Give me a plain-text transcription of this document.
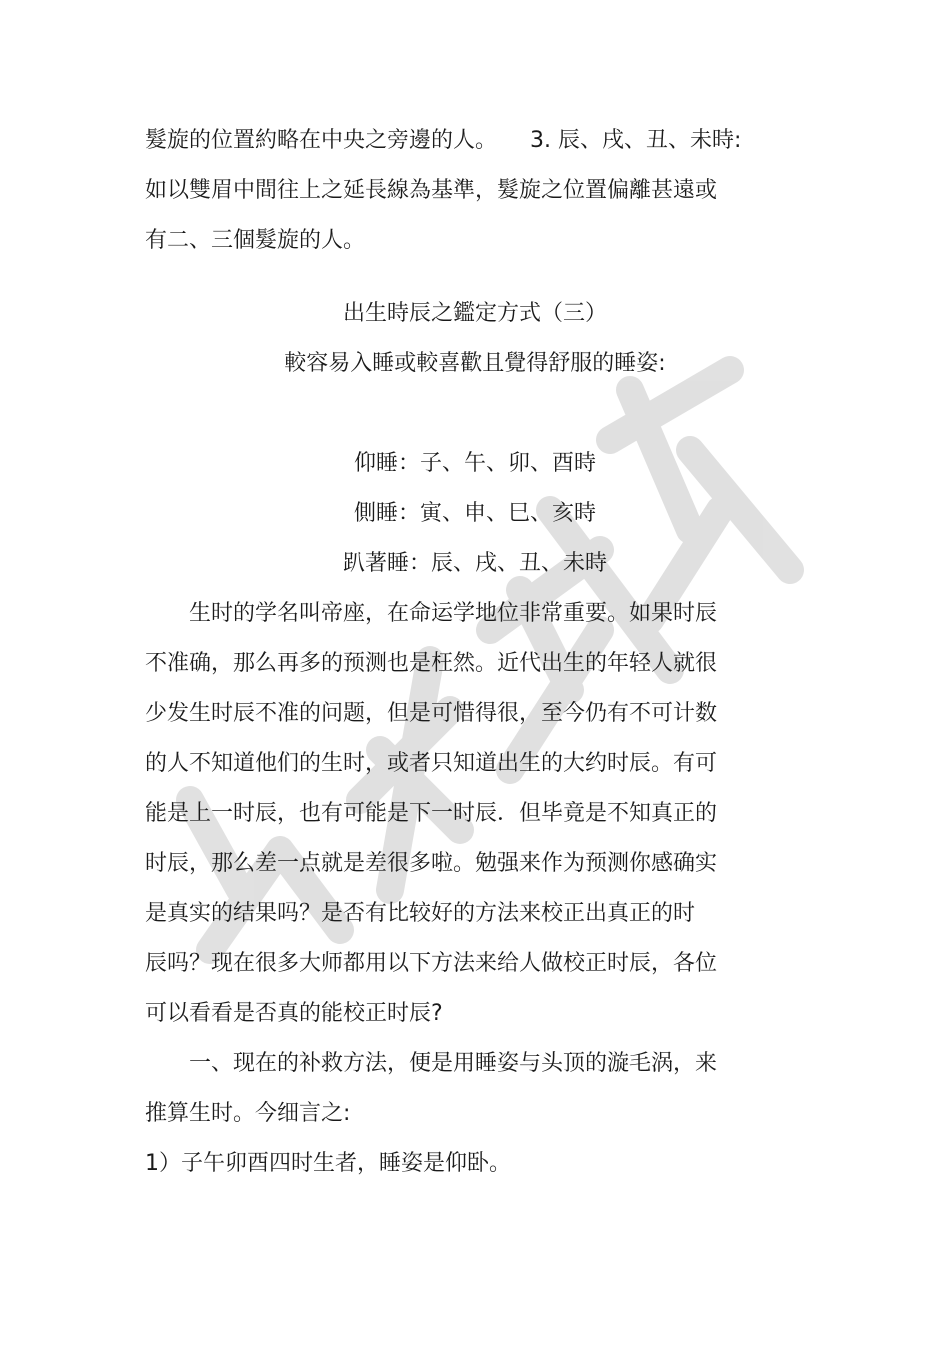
髮旋的位置約略在中央之旁邊的人。　　3. 辰、戌、丑、未時:
如以雙眉中間往上之延長線為基準，髮旋之位置偏離甚遠或
有二、三個髮旋的人。
出生時辰之鑑定方式（三）
較容易入睡或較喜歡且覺得舒服的睡姿:
仰睡：子、午、卯、酉時
側睡：寅、申、巳、亥時
趴著睡：辰、戌、丑、未時
　　生时的学名叫帝座，在命运学地位非常重要。如果时辰
不准确，那么再多的预测也是枉然。近代出生的年轻人就很
少发生时辰不准的问题，但是可惜得很，至今仍有不可计数
的人不知道他们的生时，或者只知道出生的大约时辰。有可
能是上一时辰，也有可能是下一时辰．但毕竟是不知真正的
时辰，那么差一点就是差很多啦。勉强来作为预测你感确实
是真实的结果吗？是否有比较好的方法来校正出真正的时
辰吗？现在很多大师都用以下方法来给人做校正时辰，各位
可以看看是否真的能校正时辰?
　　一、现在的补救方法，便是用睡姿与头顶的漩毛涡，来
推算生时。今细言之:
1）子午卯酉四时生者，睡姿是仰卧。
